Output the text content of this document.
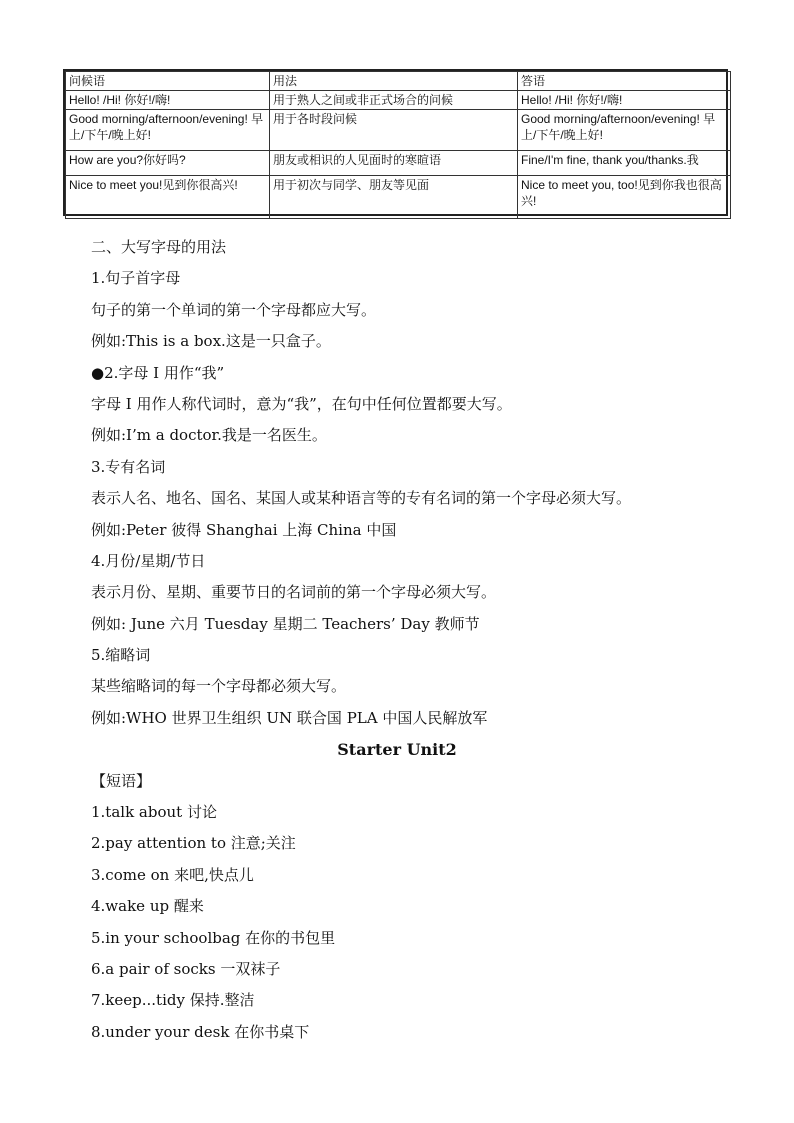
问候语	用法	答语
Hello! /Hi! 你好!/嗨!	用于熟人之间或非正式场合的问候	Hello! /Hi! 你好!/嗨!
Good morning/afternoon/evening! 早上/下午/晚上好!	用于各时段问候	Good morning/afternoon/evening! 早上/下午/晚上好!
How are you?你好吗?	朋友或相识的人见面时的寒暄语	Fine/I'm fine, thank you/thanks.我
Nice to meet you!见到你很高兴!	用于初次与同学、朋友等见面	Nice to meet you, too!见到你我也很高兴!
二、大写字母的用法
1.句子首字母
句子的第一个单词的第一个字母都应大写。
例如:This is a box.这是一只盒子。
●2.字母 I 用作“我”
字母 I 用作人称代词时，意为“我”，在句中任何位置都要大写。
例如:I’m a doctor.我是一名医生。
3.专有名词
表示人名、地名、国名、某国人或某种语言等的专有名词的第一个字母必须大写。
例如:Peter 彼得 Shanghai 上海 China 中国
4.月份/星期/节日
表示月份、星期、重要节日的名词前的第一个字母必须大写。
例如: June 六月 Tuesday 星期二 Teachers’ Day 教师节
5.缩略词
某些缩略词的每一个字母都必须大写。
例如:WHO 世界卫生组织 UN 联合国 PLA 中国人民解放军
Starter Unit2
【短语】
1.talk about 讨论
2.pay attention to 注意;关注
3.come on 来吧,快点儿
4.wake up 醒来
5.in your schoolbag 在你的书包里
6.a pair of socks 一双袜子
7.keep...tidy 保持.整洁
8.under your desk 在你书桌下
